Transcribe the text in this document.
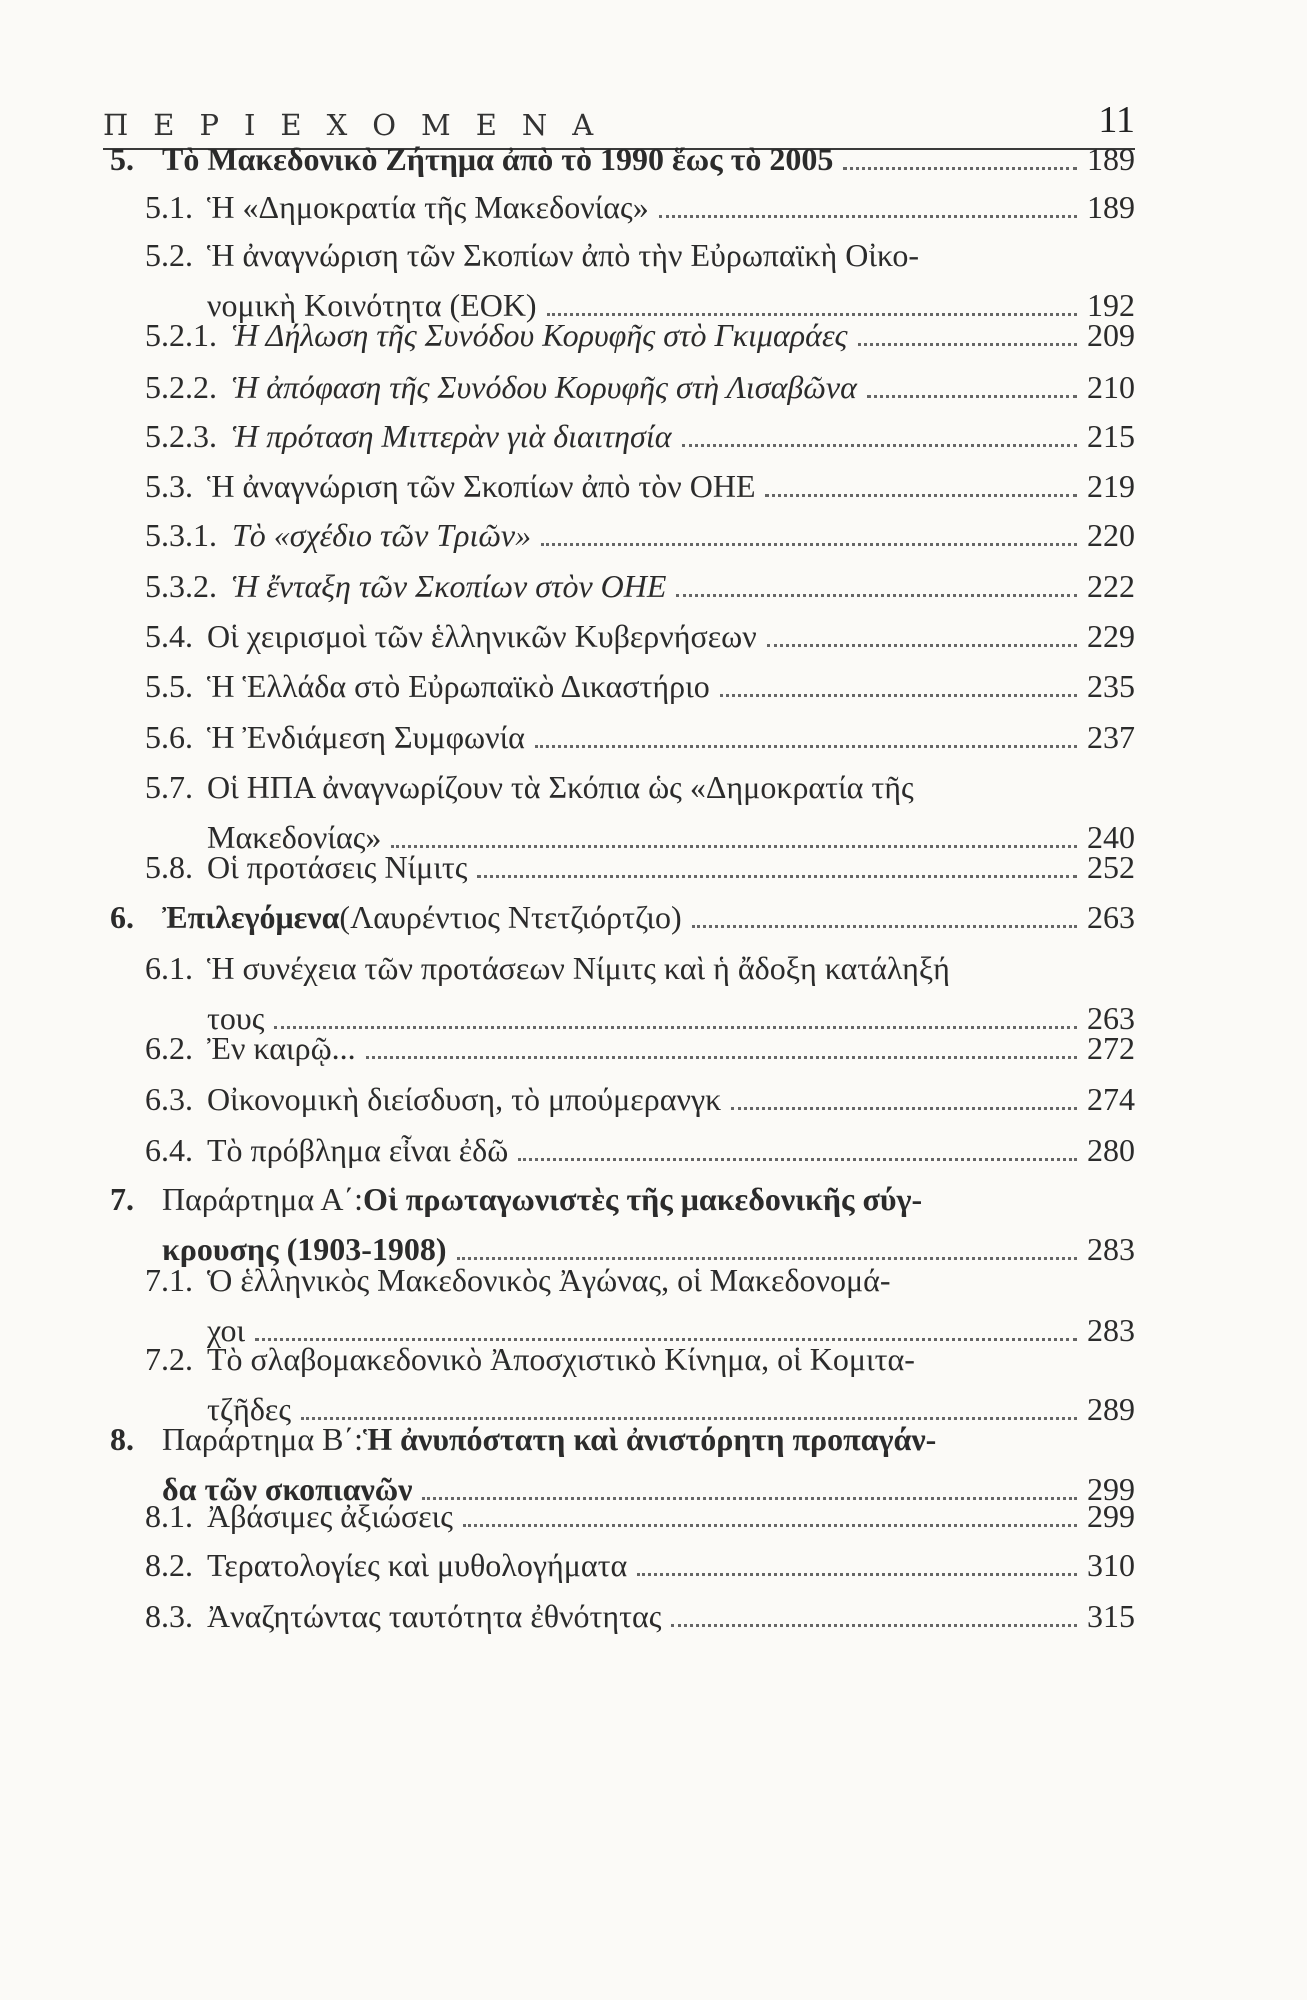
ΠΕΡΙΕΧΟΜΕΝΑ	11
5. Τὸ Μακεδονικὸ Ζήτημα ἀπὸ τὸ 1990 ἕως τὸ 2005	189
5.1. Ἡ «Δημοκρατία τῆς Μακεδονίας»	189
5.2. Ἡ ἀναγνώριση τῶν Σκοπίων ἀπὸ τὴν Εὐρωπαϊκὴ Οἰκο-
νομικὴ Κοινότητα (ΕΟΚ)	192
5.2.1. Ἡ Δήλωση τῆς Συνόδου Κορυφῆς στὸ Γκιμαράες	209
5.2.2. Ἡ ἀπόφαση τῆς Συνόδου Κορυφῆς στὴ Λισαβῶνα	210
5.2.3. Ἡ πρόταση Μιττερὰν γιὰ διαιτησία	215
5.3. Ἡ ἀναγνώριση τῶν Σκοπίων ἀπὸ τὸν ΟΗΕ	219
5.3.1. Τὸ «σχέδιο τῶν Τριῶν»	220
5.3.2. Ἡ ἔνταξη τῶν Σκοπίων στὸν ΟΗΕ	222
5.4. Οἱ χειρισμοὶ τῶν ἑλληνικῶν Κυβερνήσεων	229
5.5. Ἡ Ἑλλάδα στὸ Εὐρωπαϊκὸ Δικαστήριο	235
5.6. Ἡ Ἐνδιάμεση Συμφωνία	237
5.7. Οἱ ΗΠΑ ἀναγνωρίζουν τὰ Σκόπια ὡς «Δημοκρατία τῆς
Μακεδονίας»	240
5.8. Οἱ προτάσεις Νίμιτς	252
6. Ἐπιλεγόμενα (Λαυρέντιος Ντετζιόρτζιο)	263
6.1. Ἡ συνέχεια τῶν προτάσεων Νίμιτς καὶ ἡ ἄδοξη κατάληξή
τους	263
6.2. Ἐν καιρῷ...	272
6.3. Οἰκονομικὴ διείσδυση, τὸ μπούμερανγκ	274
6.4. Τὸ πρόβλημα εἶναι ἐδῶ	280
7. Παράρτημα Α΄: Οἱ πρωταγωνιστὲς τῆς μακεδονικῆς σύγ-
κρουσης (1903-1908)	283
7.1. Ὁ ἑλληνικὸς Μακεδονικὸς Ἀγώνας, οἱ Μακεδονομά-
χοι	283
7.2. Τὸ σλαβομακεδονικὸ Ἀποσχιστικὸ Κίνημα, οἱ Κομιτα-
τζῆδες	289
8. Παράρτημα Β΄: Ἡ ἀνυπόστατη καὶ ἀνιστόρητη προπαγάν-
δα τῶν σκοπιανῶν	299
8.1. Ἀβάσιμες ἀξιώσεις	299
8.2. Τερατολογίες καὶ μυθολογήματα	310
8.3. Ἀναζητώντας ταυτότητα ἐθνότητας	315
